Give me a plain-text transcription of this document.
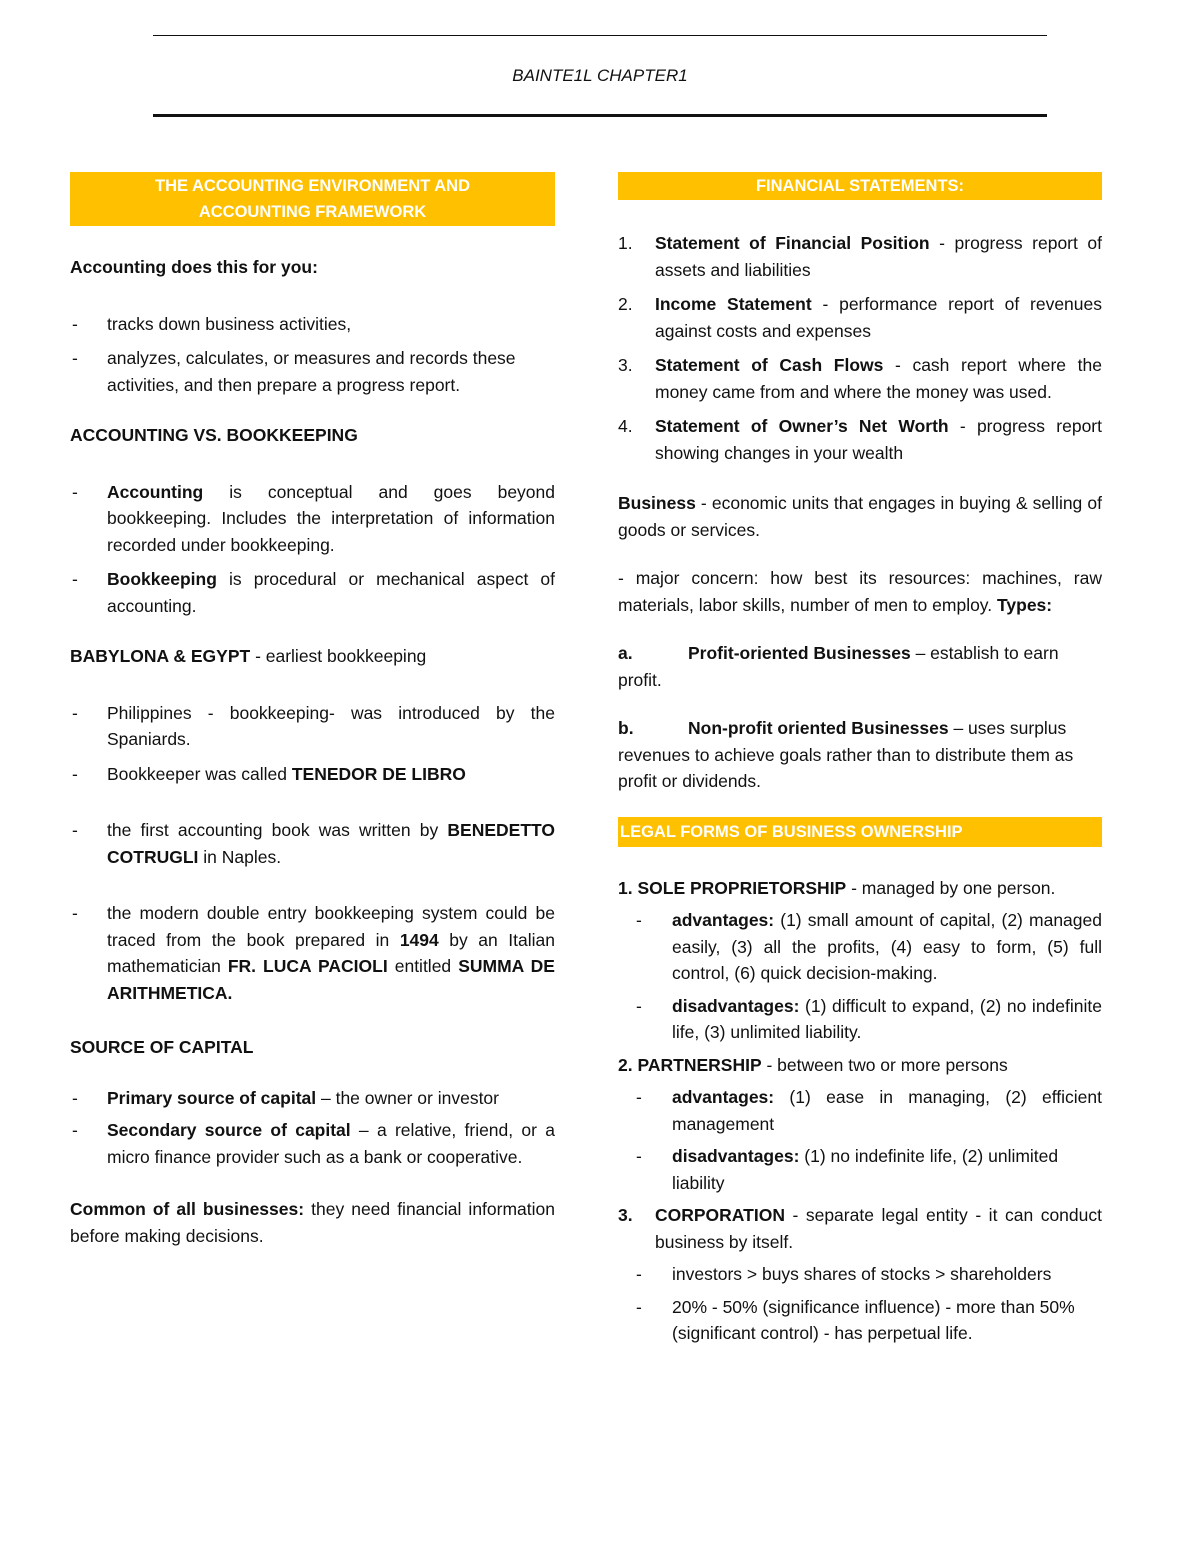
BAINTE1L CHAPTER1
THE ACCOUNTING ENVIRONMENT AND ACCOUNTING FRAMEWORK

Accounting does this for you:

- tracks down business activities,

- analyzes, calculates, or measures and records these activities, and then prepare a progress report.

ACCOUNTING VS. BOOKKEEPING

- Accounting is conceptual and goes beyond bookkeeping. Includes the interpretation of information recorded under bookkeeping.

- Bookkeeping is procedural or mechanical aspect of accounting.

BABYLONA & EGYPT - earliest bookkeeping

- Philippines - bookkeeping- was introduced by the Spaniards.

- Bookkeeper was called TENEDOR DE LIBRO

- the first accounting book was written by BENEDETTO COTRUGLI in Naples.

- the modern double entry bookkeeping system could be traced from the book prepared in 1494 by an Italian mathematician FR. LUCA PACIOLI entitled SUMMA DE ARITHMETICA.

SOURCE OF CAPITAL

- Primary source of capital – the owner or investor

- Secondary source of capital – a relative, friend, or a micro finance provider such as a bank or cooperative.

Common of all businesses: they need financial information before making decisions.

FINANCIAL STATEMENTS:

1. Statement of Financial Position - progress report of assets and liabilities

2. Income Statement - performance report of revenues against costs and expenses

3. Statement of Cash Flows - cash report where the money came from and where the money was used.

4. Statement of Owner’s Net Worth - progress report showing changes in your wealth

Business - economic units that engages in buying & selling of goods or services.

- major concern: how best its resources: machines, raw materials, labor skills, number of men to employ. Types:

a.	Profit-oriented Businesses – establish to earn profit.

b.	Non-profit oriented Businesses – uses surplus revenues to achieve goals rather than to distribute them as profit or dividends.

LEGAL FORMS OF BUSINESS OWNERSHIP

1. SOLE PROPRIETORSHIP - managed by one person.

- advantages: (1) small amount of capital, (2) managed easily, (3) all the profits, (4) easy to form, (5) full control, (6) quick decision-making.

- disadvantages: (1) difficult to expand, (2) no indefinite life, (3) unlimited liability.

2. PARTNERSHIP - between two or more persons

- advantages: (1) ease in managing, (2) efficient management

- disadvantages: (1) no indefinite life, (2) unlimited liability

3. CORPORATION - separate legal entity - it can conduct business by itself.

- investors > buys shares of stocks > shareholders

- 20% - 50% (significance influence) - more than 50% (significant control) - has perpetual life.
